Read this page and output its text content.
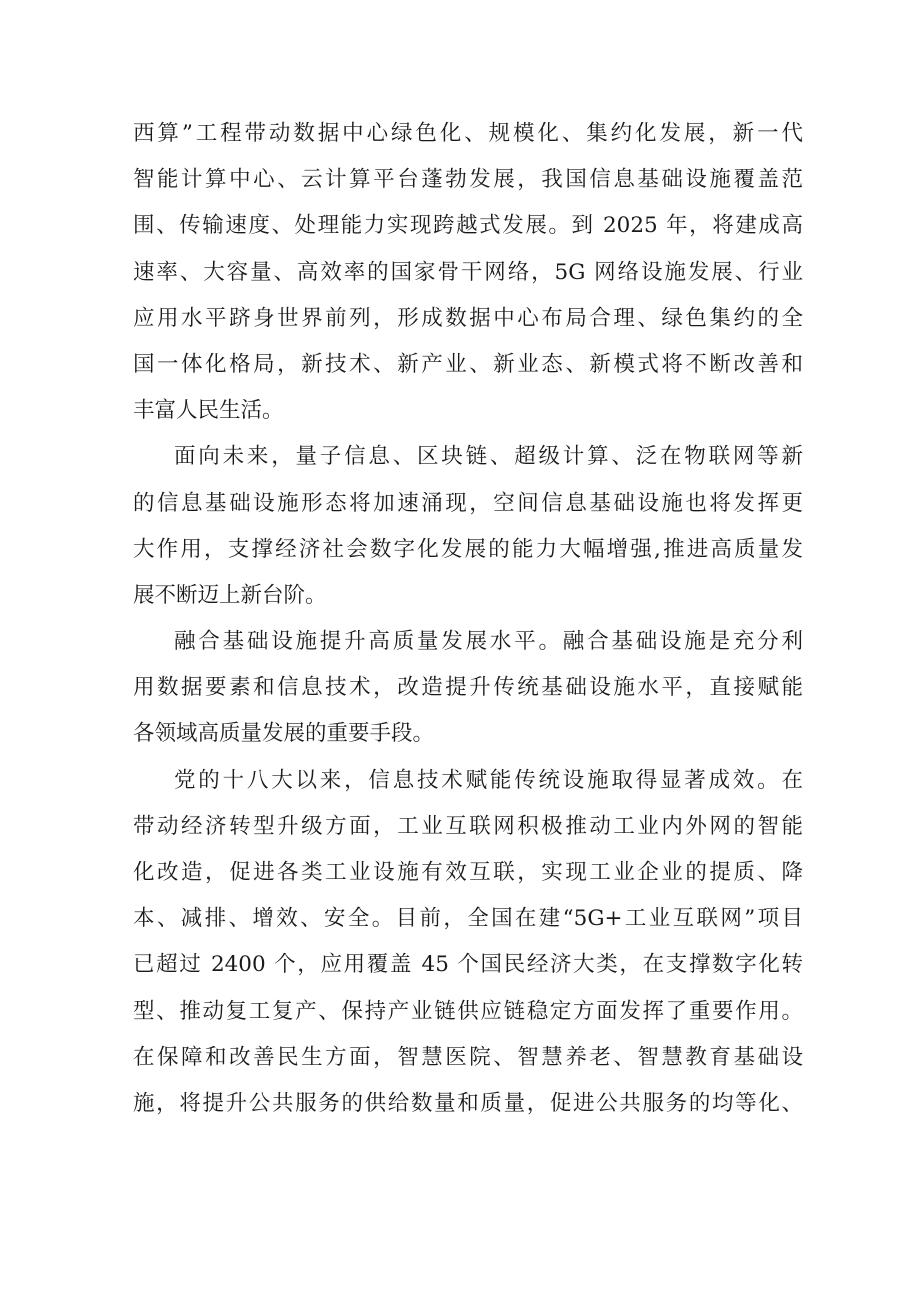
西算”工程带动数据中心绿色化、规模化、集约化发展，新一代
智能计算中心、云计算平台蓬勃发展，我国信息基础设施覆盖范
围、传输速度、处理能力实现跨越式发展。到 2025 年，将建成高
速率、大容量、高效率的国家骨干网络，5G 网络设施发展、行业
应用水平跻身世界前列，形成数据中心布局合理、绿色集约的全
国一体化格局，新技术、新产业、新业态、新模式将不断改善和
丰富人民生活。
面向未来，量子信息、区块链、超级计算、泛在物联网等新
的信息基础设施形态将加速涌现，空间信息基础设施也将发挥更
大作用，支撑经济社会数字化发展的能力大幅增强,推进高质量发
展不断迈上新台阶。
融合基础设施提升高质量发展水平。融合基础设施是充分利
用数据要素和信息技术，改造提升传统基础设施水平，直接赋能
各领域高质量发展的重要手段。
党的十八大以来，信息技术赋能传统设施取得显著成效。在
带动经济转型升级方面，工业互联网积极推动工业内外网的智能
化改造，促进各类工业设施有效互联，实现工业企业的提质、降
本、减排、增效、安全。目前，全国在建“5G+工业互联网”项目
已超过 2400 个，应用覆盖 45 个国民经济大类，在支撑数字化转
型、推动复工复产、保持产业链供应链稳定方面发挥了重要作用。
在保障和改善民生方面，智慧医院、智慧养老、智慧教育基础设
施，将提升公共服务的供给数量和质量，促进公共服务的均等化、
